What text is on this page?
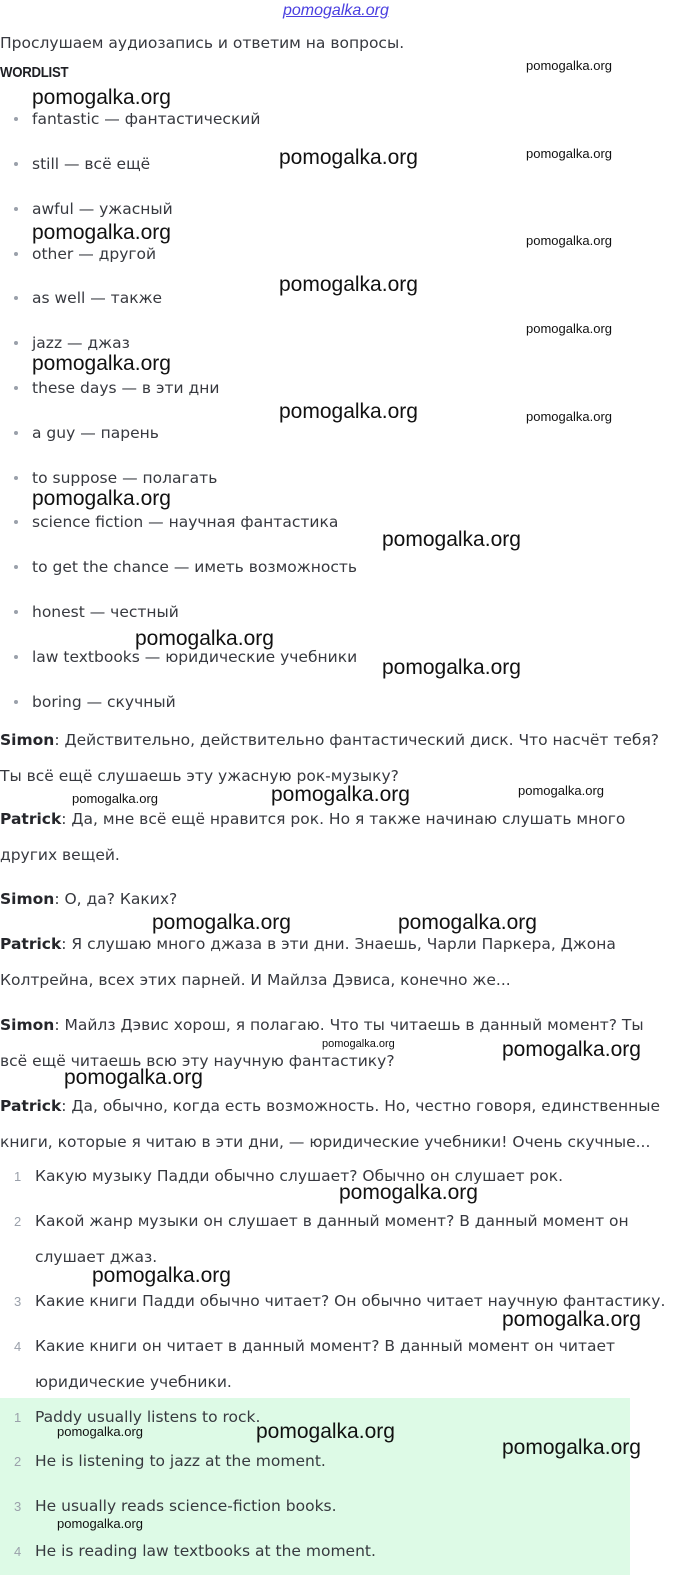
pomogalka.org
Прослушаем аудиозапись и ответим на вопросы.
WORDLIST
fantastic — фантастический
still — всё ещё
awful — ужасный
other — другой
as well — также
jazz — джаз
these days — в эти дни
a guy — парень
to suppose — полагать
science fiction — научная фантастика
to get the chance — иметь возможность
honest — честный
law textbooks — юридические учебники
boring — скучный
Simon: Действительно, действительно фантастический диск. Что насчёт тебя?
Ты всё ещё слушаешь эту ужасную рок-музыку?
Patrick: Да, мне всё ещё нравится рок. Но я также начинаю слушать много
других вещей.
Simon: О, да? Каких?
Patrick: Я слушаю много джаза в эти дни. Знаешь, Чарли Паркера, Джона
Колтрейна, всех этих парней. И Майлза Дэвиса, конечно же...
Simon: Майлз Дэвис хорош, я полагаю. Что ты читаешь в данный момент? Ты
всё ещё читаешь всю эту научную фантастику?
Patrick: Да, обычно, когда есть возможность. Но, честно говоря, единственные
книги, которые я читаю в эти дни, — юридические учебники! Очень скучные...
1 Какую музыку Падди обычно слушает? Обычно он слушает рок.
2 Какой жанр музыки он слушает в данный момент? В данный момент он
слушает джаз.
3 Какие книги Падди обычно читает? Он обычно читает научную фантастику.
4 Какие книги он читает в данный момент? В данный момент он читает
юридические учебники.
1 Paddy usually listens to rock.
2 He is listening to jazz at the moment.
3 He usually reads science-fiction books.
4 He is reading law textbooks at the moment.
pomogalka.org
pomogalka.org
pomogalka.org	pomogalka.org
pomogalka.org	pomogalka.org
pomogalka.org
pomogalka.org
pomogalka.org
pomogalka.org	pomogalka.org
pomogalka.org
pomogalka.org
pomogalka.org
pomogalka.org
pomogalka.org	pomogalka.org	pomogalka.org
pomogalka.org	pomogalka.org
pomogalka.org	pomogalka.org
pomogalka.org
pomogalka.org
pomogalka.org
pomogalka.org
pomogalka.org	pomogalka.org
pomogalka.org
pomogalka.org
